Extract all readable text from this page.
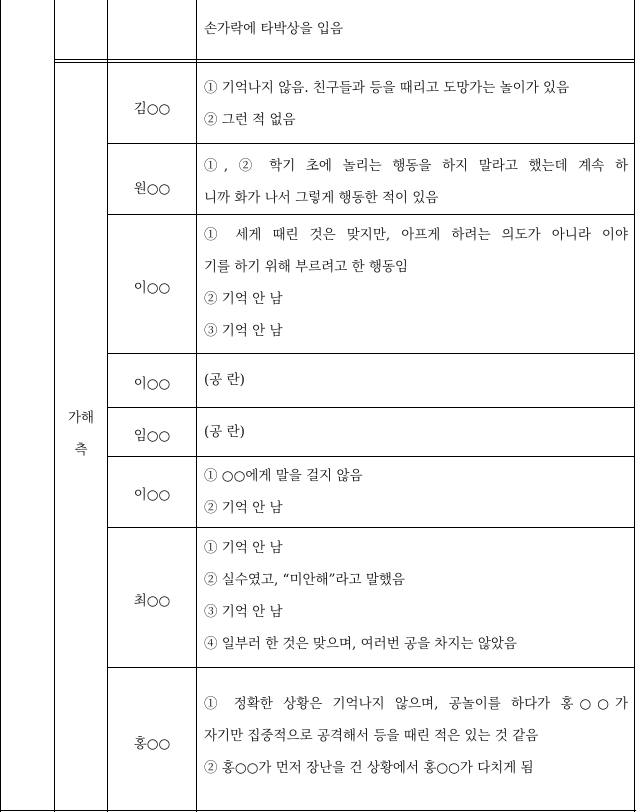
손가락에 타박상을 입음
가해
측
김○○
① 기억나지 않음. 친구들과 등을 때리고 도망가는 놀이가 있음
② 그런 적 없음
원○○
①, ② 학기 초에 놀리는 행동을 하지 말라고 했는데 계속 하
니까 화가 나서 그렇게 행동한 적이 있음
이○○
① 세게 때린 것은 맞지만, 아프게 하려는 의도가 아니라 이야
기를 하기 위해 부르려고 한 행동임
② 기억 안 남
③ 기억 안 남
이○○	(공 란)
임○○	(공 란)
이○○
① ○○에게 말을 걸지 않음
② 기억 안 남
최○○
① 기억 안 남
② 실수였고, “미안해”라고 말했음
③ 기억 안 남
④ 일부러 한 것은 맞으며, 여러번 공을 차지는 않았음
홍○○
① 정확한 상황은 기억나지 않으며, 공놀이를 하다가 홍○○가
자기만 집중적으로 공격해서 등을 때린 적은 있는 것 같음
② 홍○○가 먼저 장난을 건 상황에서 홍○○가 다치게 됨
